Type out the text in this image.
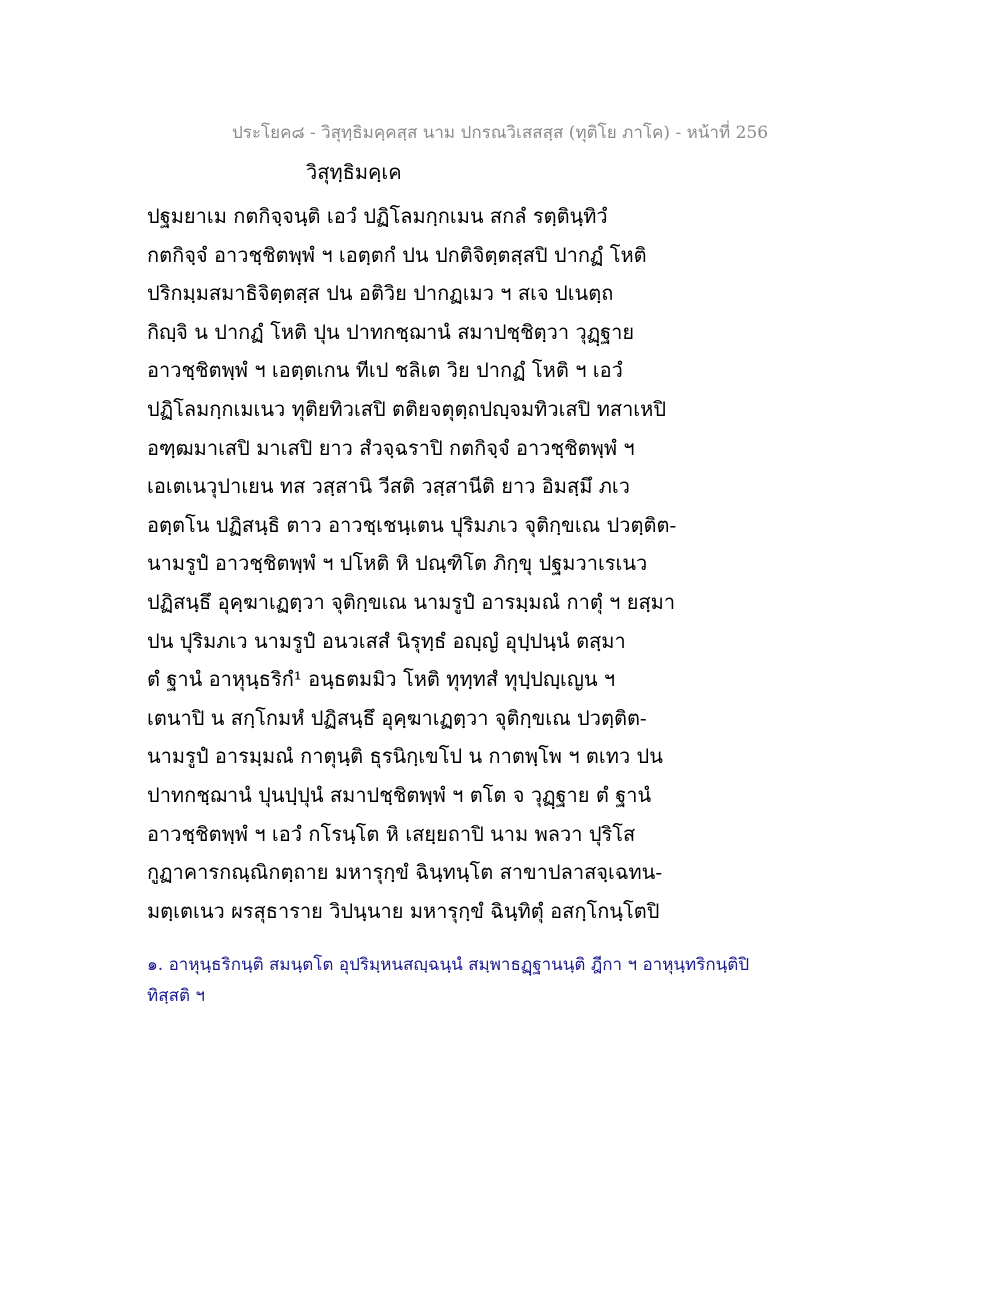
ประโยค๘ - วิสุทฺธิมคฺคสฺส นาม ปกรณวิเสสสฺส (ทุติโย ภาโค) - หน้าที่ 256
วิสุทฺธิมคฺเค
ปฐมยาเม กตกิจฺจนฺติ เอวํ ปฏิโลมกฺกเมน สกลํ รตฺตินฺทิวํ
กตกิจฺจํ อาวชฺชิตพฺพํ ฯ เอตฺตกํ ปน ปกติจิตฺตสฺสปิ ปากฏํ โหติ
ปริกมฺมสมาธิจิตฺตสฺส ปน อติวิย ปากฏเมว ฯ สเจ ปเนตฺถ
กิญฺจิ น ปากฏํ โหติ ปุน ปาทกชฺฌานํ สมาปชฺชิตฺวา วุฏฺฐาย
อาวชฺชิตพฺพํ ฯ เอตฺตเกน ทีเป ชลิเต วิย ปากฏํ โหติ ฯ เอวํ
ปฏิโลมกฺกเมเนว ทุติยทิวเสปิ ตติยจตุตฺถปญฺจมทิวเสปิ ทสาเหปิ
อฑฺฒมาเสปิ มาเสปิ ยาว สํวจฺฉราปิ กตกิจฺจํ อาวชฺชิตพฺพํ ฯ
เอเตเนวุปาเยน ทส วสฺสานิ วีสติ วสฺสานีติ ยาว อิมสฺมึ ภเว
อตฺตโน ปฏิสนฺธิ ตาว อาวชฺเชนฺเตน ปุริมภเว จุติกฺขเณ ปวตฺติต-
นามรูปํ อาวชฺชิตพฺพํ ฯ ปโหติ หิ ปณฺฑิโต ภิกฺขุ ปฐมวาเรเนว
ปฏิสนฺธึ อุคฺฆาเฏตฺวา จุติกฺขเณ นามรูปํ อารมฺมณํ กาตุํ ฯ ยสฺมา
ปน ปุริมภเว นามรูปํ อนวเสสํ นิรุทฺธํ อญฺญํ อุปฺปนฺนํ ตสฺมา
ตํ ฐานํ อาหุนฺธริกํ¹ อนฺธตมมิว โหติ ทุทฺทสํ ทุปฺปญฺเญน ฯ
เตนาปิ น สกฺโกมหํ ปฏิสนฺธึ อุคฺฆาเฏตฺวา จุติกฺขเณ ปวตฺติต-
นามรูปํ อารมฺมณํ กาตุนฺติ ธุรนิกฺเขโป น กาตพฺโพ ฯ ตเทว ปน
ปาทกชฺฌานํ ปุนปฺปุนํ สมาปชฺชิตพฺพํ ฯ ตโต จ วุฏฺฐาย ตํ ฐานํ
อาวชฺชิตพฺพํ ฯ เอวํ กโรนฺโต หิ เสยฺยถาปิ นาม พลวา ปุริโส
กูฏาคารกณฺณิกตฺถาย มหารุกฺขํ ฉินฺทนฺโต สาขาปลาสจฺเฉทน-
มตฺเตเนว ผรสุธาราย วิปนฺนาย มหารุกฺขํ ฉินฺทิตุํ อสกฺโกนฺโตปิ
๑. อาหุนฺธริกนฺติ สมนฺตโต อุปริมฺหนสญฺฉนฺนํ สมฺพาธฏฺฐานนฺติ ฎีกา ฯ อาหุนฺทริกนฺติปิ
ทิสฺสติ ฯ
